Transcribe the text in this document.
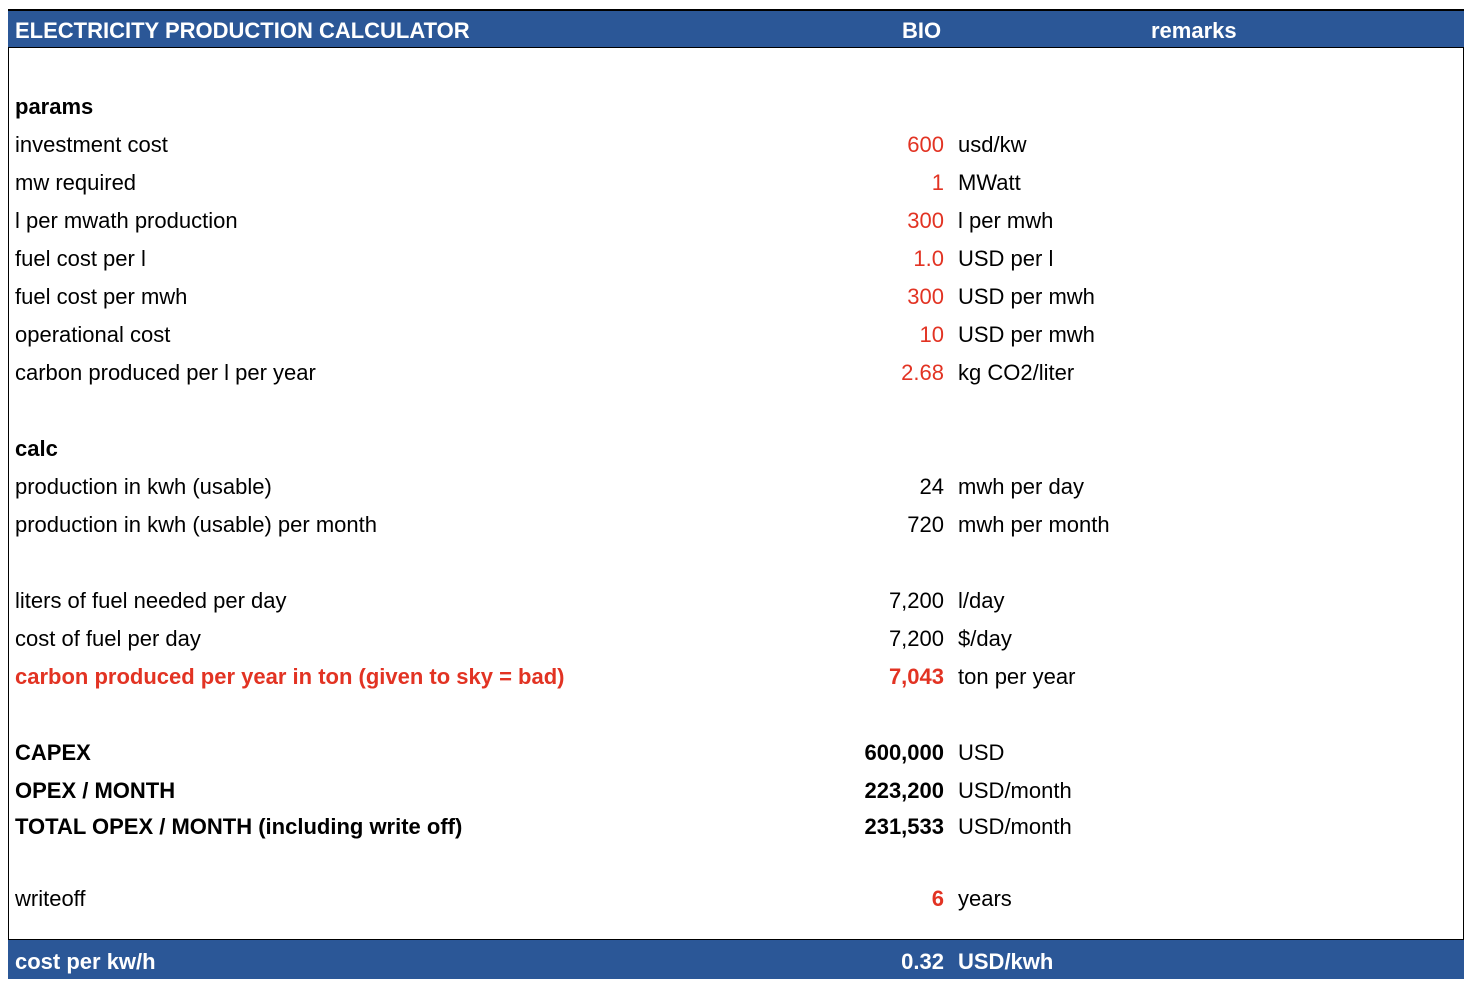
ELECTRICITY PRODUCTION CALCULATOR	BIO	remarks
params
investment cost	600 usd/kw
mw required	1 MWatt
l per mwath production	300 l per mwh
fuel cost per l	1.0 USD per l
fuel cost per mwh	300 USD per mwh
operational cost	10 USD per mwh
carbon produced per l per year	2.68 kg CO2/liter
calc
production in kwh (usable)	24 mwh per day
production in kwh (usable) per month	720 mwh per month
liters of fuel needed per day	7,200 l/day
cost of fuel per day	7,200 $/day
carbon produced per year in ton (given to sky = bad)	7,043 ton per year
CAPEX	600,000 USD
OPEX / MONTH	223,200 USD/month
TOTAL OPEX / MONTH (including write off)	231,533 USD/month
writeoff	6 years
cost per kw/h	0.32 USD/kwh
